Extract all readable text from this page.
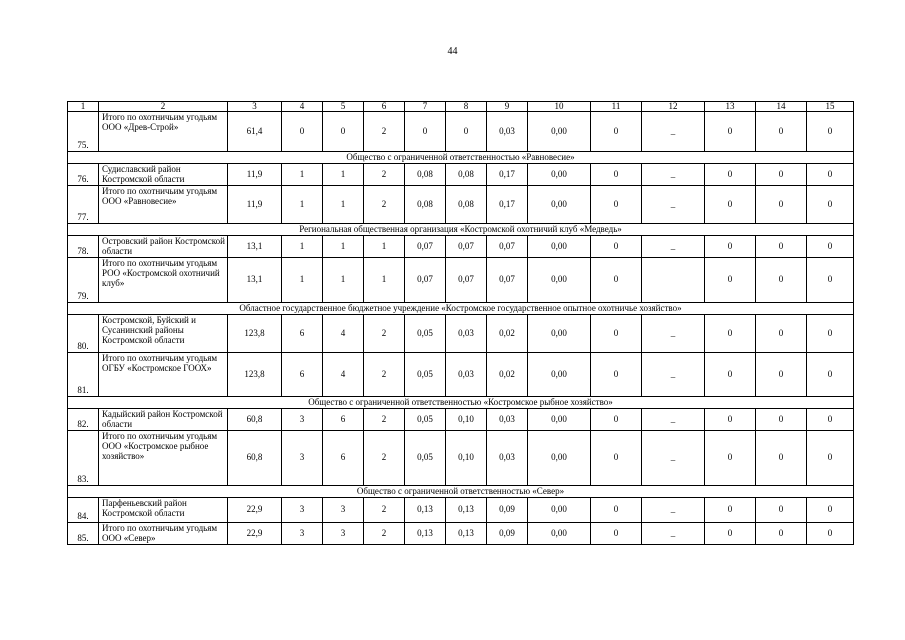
44
1	2	3	4	5	6	7	8	9	10	11	12	13	14	15
75.	Итого по охотничьим угодьям ООО «Древ-Строй»	61,4	0	0	2	0	0	0,03	0,00	0	_	0	0	0
Общество с ограниченной ответственностью «Равновесие»														
76.	Судиславский район Костромской области	11,9	1	1	2	0,08	0,08	0,17	0,00	0	_	0	0	0
77.	Итого по охотничьим угодьям ООО «Равновесие»	11,9	1	1	2	0,08	0,08	0,17	0,00	0	_	0	0	0
Региональная общественная организация «Костромской охотничий клуб «Медведь»														
78.	Островский район Костромской области	13,1	1	1	1	0,07	0,07	0,07	0,00	0	_	0	0	0
79.	Итого по охотничьим угодьям РОО «Костромской охотничий клуб»	13,1	1	1	1	0,07	0,07	0,07	0,00	0		0	0	0
Областное государственное бюджетное учреждение «Костромское государственное опытное охотничье хозяйство»														
80.	Костромской, Буйский и Сусанинский районы Костромской области	123,8	6	4	2	0,05	0,03	0,02	0,00	0	_	0	0	0
81.	Итого по охотничьим угодьям ОГБУ «Костромское ГООХ»	123,8	6	4	2	0,05	0,03	0,02	0,00	0	_	0	0	0
Общество с ограниченной ответственностью «Костромское рыбное хозяйство»														
82.	Кадыйский район Костромской области	60,8	3	6	2	0,05	0,10	0,03	0,00	0	_	0	0	0
83.	Итого по охотничьим угодьям ООО «Костромское рыбное хозяйство»	60,8	3	6	2	0,05	0,10	0,03	0,00	0	_	0	0	0
Общество с ограниченной ответственностью «Север»														
84.	Парфеньевский район Костромской области	22,9	3	3	2	0,13	0,13	0,09	0,00	0	_	0	0	0
85.	Итого по охотничьим угодьям ООО «Север»	22,9	3	3	2	0,13	0,13	0,09	0,00	0	_	0	0	0
